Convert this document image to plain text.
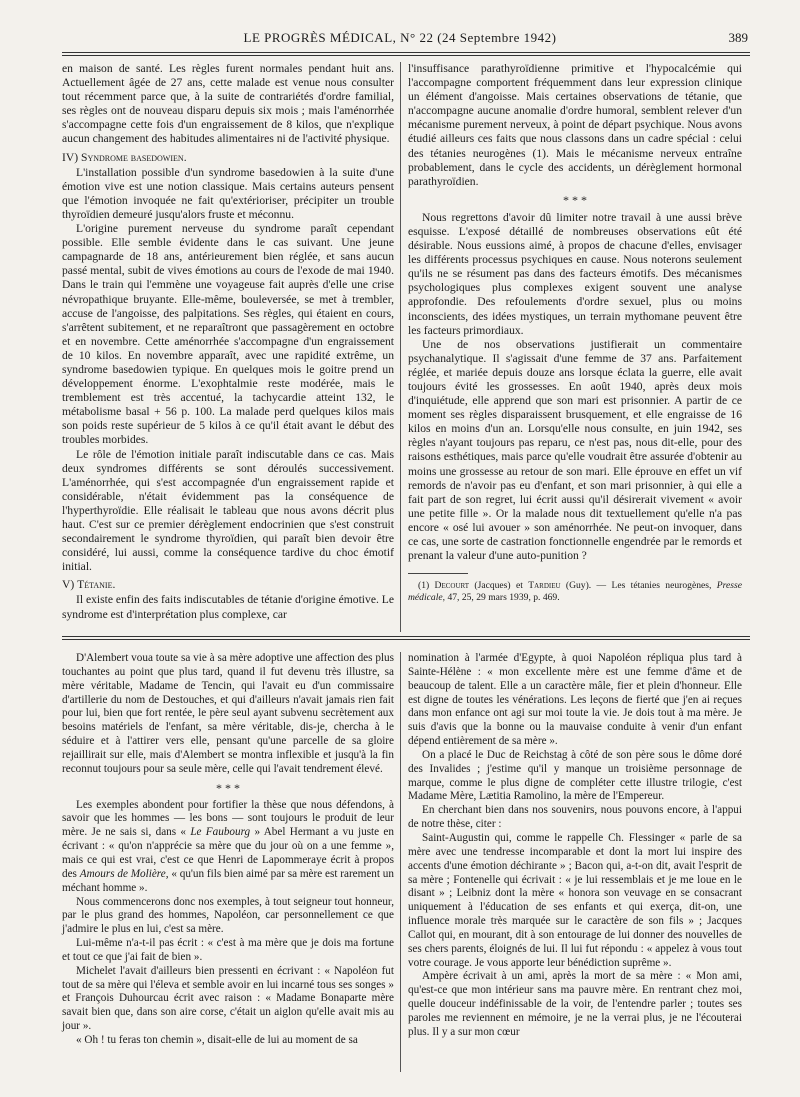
LE PROGRÈS MÉDICAL, N° 22 (24 Septembre 1942)	389

en maison de santé. Les règles furent normales pendant huit ans. Actuellement âgée de 27 ans, cette malade est venue nous consulter tout récemment parce que, à la suite de contrariétés d'ordre familial, ses règles ont de nouveau disparu depuis six mois ; mais l'aménorrhée s'accompagne cette fois d'un engraissement de 8 kilos, que n'explique aucun changement des habitudes alimentaires ni de l'activité physique.

IV) Syndrome basedowien.

L'installation possible d'un syndrome basedowien à la suite d'une émotion vive est une notion classique. Mais certains auteurs pensent que l'émotion invoquée ne fait qu'extérioriser, précipiter un trouble thyroïdien demeuré jusqu'alors fruste et méconnu.

L'origine purement nerveuse du syndrome paraît cependant possible. Elle semble évidente dans le cas suivant. Une jeune campagnarde de 18 ans, antérieurement bien réglée, et sans aucun passé mental, subit de vives émotions au cours de l'exode de mai 1940. Dans le train qui l'emmène une voyageuse fait auprès d'elle une crise névropathique bruyante. Elle-même, bouleversée, se met à trembler, accuse de l'angoisse, des palpitations. Ses règles, qui étaient en cours, s'arrêtent subitement, et ne reparaîtront que passagèrement en octobre et en novembre. Cette aménorrhée s'accompagne d'un engraissement de 10 kilos. En novembre apparaît, avec une rapidité extrême, un syndrome basedowien typique. En quelques mois le goitre prend un développement énorme. L'exophtalmie reste modérée, mais le tremblement est très accentué, la tachycardie atteint 132, le métabolisme basal + 56 p. 100. La malade perd quelques kilos mais son poids reste supérieur de 5 kilos à ce qu'il était avant le début des troubles morbides.

Le rôle de l'émotion initiale paraît indiscutable dans ce cas. Mais deux syndromes différents se sont déroulés successivement. L'aménorrhée, qui s'est accompagnée d'un engraissement rapide et considérable, n'était évidemment pas la conséquence de l'hyperthyroïdie. Elle réalisait le tableau que nous avons décrit plus haut. C'est sur ce premier dérèglement endocrinien que s'est construit secondairement le syndrome thyroïdien, qui paraît bien devoir être considéré, lui aussi, comme la conséquence tardive du choc émotif initial.

V) Tétanie.

Il existe enfin des faits indiscutables de tétanie d'origine émotive. Le syndrome est d'interprétation plus complexe, car

l'insuffisance parathyroïdienne primitive et l'hypocalcémie qui l'accompagne comportent fréquemment dans leur expression clinique un élément d'angoisse. Mais certaines observations de tétanie, que n'accompagne aucune anomalie d'ordre humoral, semblent relever d'un mécanisme purement nerveux, à point de départ psychique. Nous avons étudié ailleurs ces faits que nous classons dans un cadre spécial : celui des tétanies neurogènes (1). Mais le mécanisme nerveux entraîne probablement, dans le cycle des accidents, un dérèglement hormonal parathyroïdien.

* * *

Nous regrettons d'avoir dû limiter notre travail à une aussi brève esquisse. L'exposé détaillé de nombreuses observations eût été désirable. Nous eussions aimé, à propos de chacune d'elles, envisager les différents processus psychiques en cause. Nous noterons seulement qu'ils ne se résument pas dans des facteurs émotifs. Des mécanismes psychologiques plus complexes exigent souvent une analyse approfondie. Des refoulements d'ordre sexuel, plus ou moins inconscients, des idées mystiques, un terrain mythomane peuvent être les facteurs primordiaux.

Une de nos observations justifierait un commentaire psychanalytique. Il s'agissait d'une femme de 37 ans. Parfaitement réglée, et mariée depuis douze ans lorsque éclata la guerre, elle avait toujours évité les grossesses. En août 1940, après deux mois d'inquiétude, elle apprend que son mari est prisonnier. A partir de ce moment ses règles disparaissent brusquement, et elle engraisse de 16 kilos en moins d'un an. Lorsqu'elle nous consulte, en juin 1942, ses règles n'ayant toujours pas reparu, ce n'est pas, nous dit-elle, pour des raisons esthétiques, mais parce qu'elle voudrait être assurée d'obtenir au moins une grossesse au retour de son mari. Elle éprouve en effet un vif remords de n'avoir pas eu d'enfant, et son mari prisonnier, à qui elle a fait part de son regret, lui écrit aussi qu'il désirerait vivement « avoir une petite fille ». Or la malade nous dit textuellement qu'elle n'a pas encore « osé lui avouer » son aménorrhée. Ne peut-on invoquer, dans ce cas, une sorte de castration fonctionnelle engendrée par le remords et prenant la valeur d'une auto-punition ?

(1) Decourt (Jacques) et Tardieu (Guy). — Les tétanies neurogènes, Presse médicale, 47, 25, 29 mars 1939, p. 469.

D'Alembert voua toute sa vie à sa mère adoptive une affection des plus touchantes au point que plus tard, quand il fut devenu très illustre, sa mère véritable, Madame de Tencin, qui l'avait eu d'un commissaire d'artillerie du nom de Destouches, et qui d'ailleurs n'avait jamais rien fait pour lui, bien que fort rentée, le père seul ayant subvenu secrètement aux besoins matériels de l'enfant, sa mère véritable, dis-je, chercha à le séduire et à l'attirer vers elle, pensant qu'une parcelle de sa gloire rejaillirait sur elle, mais d'Alembert se montra inflexible et jusqu'à la fin reconnut toujours pour sa seule mère, celle qui l'avait tendrement élevé.

* * *

Les exemples abondent pour fortifier la thèse que nous défendons, à savoir que les hommes — les bons — sont toujours le produit de leur mère. Je ne sais si, dans « Le Faubourg » Abel Hermant a vu juste en écrivant : « qu'on n'apprécie sa mère que du jour où on a une femme », mais ce qui est vrai, c'est ce que Henri de Lapommeraye écrit à propos des Amours de Molière, « qu'un fils bien aimé par sa mère est rarement un méchant homme ».

Nous commencerons donc nos exemples, à tout seigneur tout honneur, par le plus grand des hommes, Napoléon, car personnellement ce que j'admire le plus en lui, c'est sa mère.

Lui-même n'a-t-il pas écrit : « c'est à ma mère que je dois ma fortune et tout ce que j'ai fait de bien ».

Michelet l'avait d'ailleurs bien pressenti en écrivant : « Napoléon fut tout de sa mère qui l'éleva et semble avoir en lui incarné tous ses songes » et François Duhourcau écrit avec raison : « Madame Bonaparte mère savait bien que, dans son aire corse, c'était un aiglon qu'elle avait mis au jour ».

« Oh ! tu feras ton chemin », disait-elle de lui au moment de sa

nomination à l'armée d'Egypte, à quoi Napoléon répliqua plus tard à Sainte-Hélène : « mon excellente mère est une femme d'âme et de beaucoup de talent. Elle a un caractère mâle, fier et plein d'honneur. Elle est digne de toutes les vénérations. Les leçons de fierté que j'en ai reçues dans mon enfance ont agi sur moi toute la vie. Je dois tout à ma mère. Je suis d'avis que la bonne ou la mauvaise conduite à venir d'un enfant dépend entièrement de sa mère ».

On a placé le Duc de Reichstag à côté de son père sous le dôme doré des Invalides ; j'estime qu'il y manque un troisième personnage de marque, comme le plus digne de compléter cette illustre trilogie, c'est Madame Mère, Lætitia Ramolino, la mère de l'Empereur.

En cherchant bien dans nos souvenirs, nous pouvons encore, à l'appui de notre thèse, citer :

Saint-Augustin qui, comme le rappelle Ch. Flessinger « parle de sa mère avec une tendresse incomparable et dont la mort lui inspire des accents d'une émotion déchirante » ; Bacon qui, a-t-on dit, avait l'esprit de sa mère ; Fontenelle qui écrivait : « je lui ressemblais et je me loue en le disant » ; Leibniz dont la mère « honora son veuvage en se consacrant uniquement à l'éducation de ses enfants et qui exerça, dit-on, une influence morale très marquée sur le caractère de son fils » ; Jacques Callot qui, en mourant, dit à son entourage de lui donner des nouvelles de ses chers parents, éloignés de lui. Il lui fut répondu : « appelez à vous tout votre courage. Je vous apporte leur bénédiction suprême ».

Ampère écrivait à un ami, après la mort de sa mère : « Mon ami, qu'est-ce que mon intérieur sans ma pauvre mère. En rentrant chez moi, quelle douceur indéfinissable de la voir, de l'entendre parler ; toutes ses paroles me reviennent en mémoire, je ne la verrai plus, je ne l'écouterai plus. Il y a sur mon cœur
